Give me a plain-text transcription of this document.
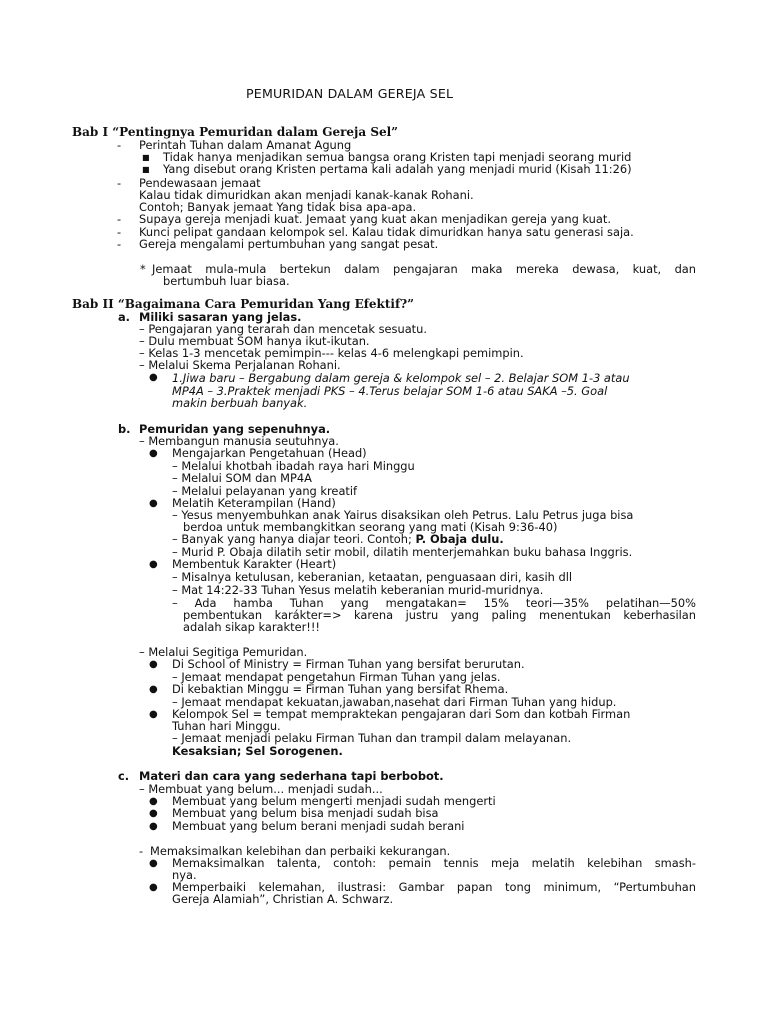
PEMURIDAN DALAM GEREJA SEL
Bab I “Pentingnya Pemuridan dalam Gereja Sel”
- Perintah Tuhan dalam Amanat Agung
■ Tidak hanya menjadikan semua bangsa orang Kristen tapi menjadi seorang murid
■ Yang disebut orang Kristen pertama kali adalah yang menjadi murid (Kisah 11:26)
- Pendewasaan jemaat
Kalau tidak dimuridkan akan menjadi kanak-kanak Rohani.
Contoh; Banyak jemaat Yang tidak bisa apa-apa.
- Supaya gereja menjadi kuat. Jemaat yang kuat akan menjadikan gereja yang kuat.
- Kunci pelipat gandaan kelompok sel. Kalau tidak dimuridkan hanya satu generasi saja.
- Gereja mengalami pertumbuhan yang sangat pesat.
* Jemaat mula-mula bertekun dalam pengajaran maka mereka dewasa, kuat, dan
bertumbuh luar biasa.
Bab II “Bagaimana Cara Pemuridan Yang Efektif?”
a. Miliki sasaran yang jelas.
– Pengajaran yang terarah dan mencetak sesuatu.
– Dulu membuat SOM hanya ikut-ikutan.
– Kelas 1-3 mencetak pemimpin--- kelas 4-6 melengkapi pemimpin.
– Melalui Skema Perjalanan Rohani.
● 1.Jiwa baru – Bergabung dalam gereja & kelompok sel – 2. Belajar SOM 1-3 atau
MP4A – 3.Praktek menjadi PKS – 4.Terus belajar SOM 1-6 atau SAKA –5. Goal
makin berbuah banyak.
b. Pemuridan yang sepenuhnya.
– Membangun manusia seutuhnya.
● Mengajarkan Pengetahuan (Head)
– Melalui khotbah ibadah raya hari Minggu
– Melalui SOM dan MP4A
– Melalui pelayanan yang kreatif
● Melatih Keterampilan (Hand)
– Yesus menyembuhkan anak Yairus disaksikan oleh Petrus. Lalu Petrus juga bisa
berdoa untuk membangkitkan seorang yang mati (Kisah 9:36-40)
– Banyak yang hanya diajar teori. Contoh; P. Obaja dulu.
– Murid P. Obaja dilatih setir mobil, dilatih menterjemahkan buku bahasa Inggris.
● Membentuk Karakter (Heart)
– Misalnya ketulusan, keberanian, ketaatan, penguasaan diri, kasih dll
– Mat 14:22-33 Tuhan Yesus melatih keberanian murid-muridnya.
– Ada hamba Tuhan yang mengatakan= 15% teori—35% pelatihan—50%
pembentukan karákter=> karena justru yang paling menentukan keberhasilan
adalah sikap karakter!!!
– Melalui Segitiga Pemuridan.
● Di School of Ministry = Firman Tuhan yang bersifat berurutan.
– Jemaat mendapat pengetahun Firman Tuhan yang jelas.
● Di kebaktian Minggu = Firman Tuhan yang bersifat Rhema.
– Jemaat mendapat kekuatan,jawaban,nasehat dari Firman Tuhan yang hidup.
● Kelompok Sel = tempat mempraktekan pengajaran dari Som dan kotbah Firman
Tuhan hari Minggu.
– Jemaat menjadi pelaku Firman Tuhan dan trampil dalam melayanan.
Kesaksian; Sel Sorogenen.
c. Materi dan cara yang sederhana tapi berbobot.
– Membuat yang belum... menjadi sudah...
● Membuat yang belum mengerti menjadi sudah mengerti
● Membuat yang belum bisa menjadi sudah bisa
● Membuat yang belum berani menjadi sudah berani
- Memaksimalkan kelebihan dan perbaiki kekurangan.
● Memaksimalkan talenta, contoh: pemain tennis meja melatih kelebihan smash-
nya.
● Memperbaiki kelemahan, ilustrasi: Gambar papan tong minimum, “Pertumbuhan
Gereja Alamiah”, Christian A. Schwarz.
